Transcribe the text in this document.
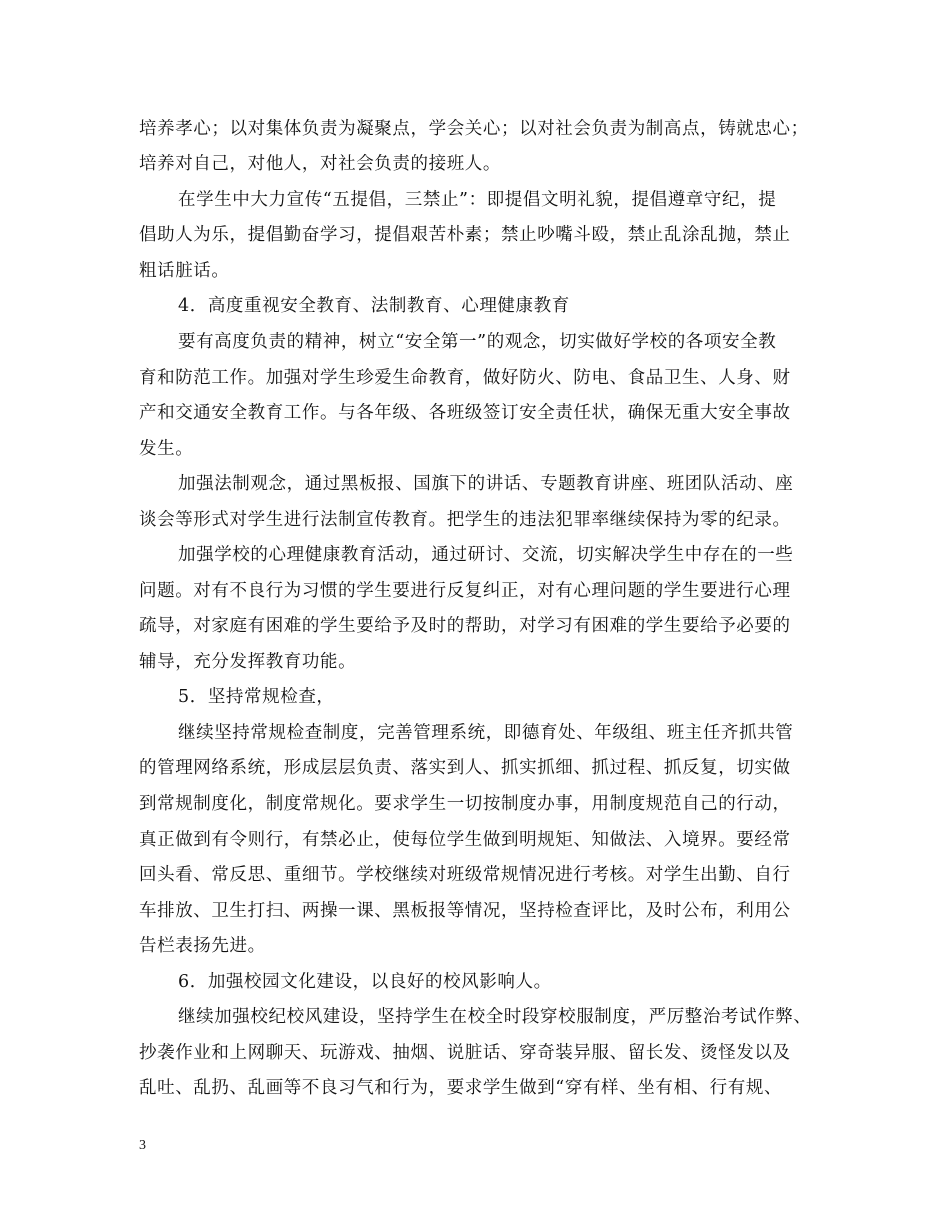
培养孝心；以对集体负责为凝聚点，学会关心；以对社会负责为制高点，铸就忠心；
培养对自己，对他人，对社会负责的接班人。
在学生中大力宣传“五提倡，三禁止”：即提倡文明礼貌，提倡遵章守纪，提
倡助人为乐，提倡勤奋学习，提倡艰苦朴素；禁止吵嘴斗殴，禁止乱涂乱抛，禁止
粗话脏话。
4．高度重视安全教育、法制教育、心理健康教育
要有高度负责的精神，树立“安全第一”的观念，切实做好学校的各项安全教
育和防范工作。加强对学生珍爱生命教育，做好防火、防电、食品卫生、人身、财
产和交通安全教育工作。与各年级、各班级签订安全责任状，确保无重大安全事故
发生。
加强法制观念，通过黑板报、国旗下的讲话、专题教育讲座、班团队活动、座
谈会等形式对学生进行法制宣传教育。把学生的违法犯罪率继续保持为零的纪录。
加强学校的心理健康教育活动，通过研讨、交流，切实解决学生中存在的一些
问题。对有不良行为习惯的学生要进行反复纠正，对有心理问题的学生要进行心理
疏导，对家庭有困难的学生要给予及时的帮助，对学习有困难的学生要给予必要的
辅导，充分发挥教育功能。
5．坚持常规检查，
继续坚持常规检查制度，完善管理系统，即德育处、年级组、班主任齐抓共管
的管理网络系统，形成层层负责、落实到人、抓实抓细、抓过程、抓反复，切实做
到常规制度化，制度常规化。要求学生一切按制度办事，用制度规范自己的行动，
真正做到有令则行，有禁必止，使每位学生做到明规矩、知做法、入境界。要经常
回头看、常反思、重细节。学校继续对班级常规情况进行考核。对学生出勤、自行
车排放、卫生打扫、两操一课、黑板报等情况，坚持检查评比，及时公布，利用公
告栏表扬先进。
6．加强校园文化建设，以良好的校风影响人。
继续加强校纪校风建设，坚持学生在校全时段穿校服制度，严厉整治考试作弊、
抄袭作业和上网聊天、玩游戏、抽烟、说脏话、穿奇装异服、留长发、烫怪发以及
乱吐、乱扔、乱画等不良习气和行为，要求学生做到“穿有样、坐有相、行有规、
3
